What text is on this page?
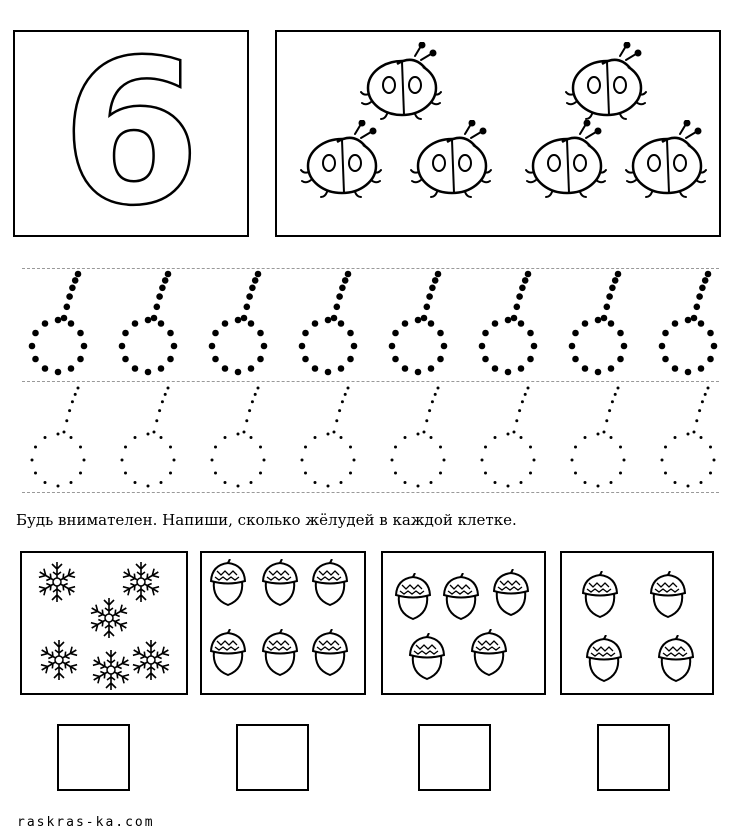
6
Будь внимателен. Напиши, сколько жёлудей в каждой клетке.
raskras-ka.com
